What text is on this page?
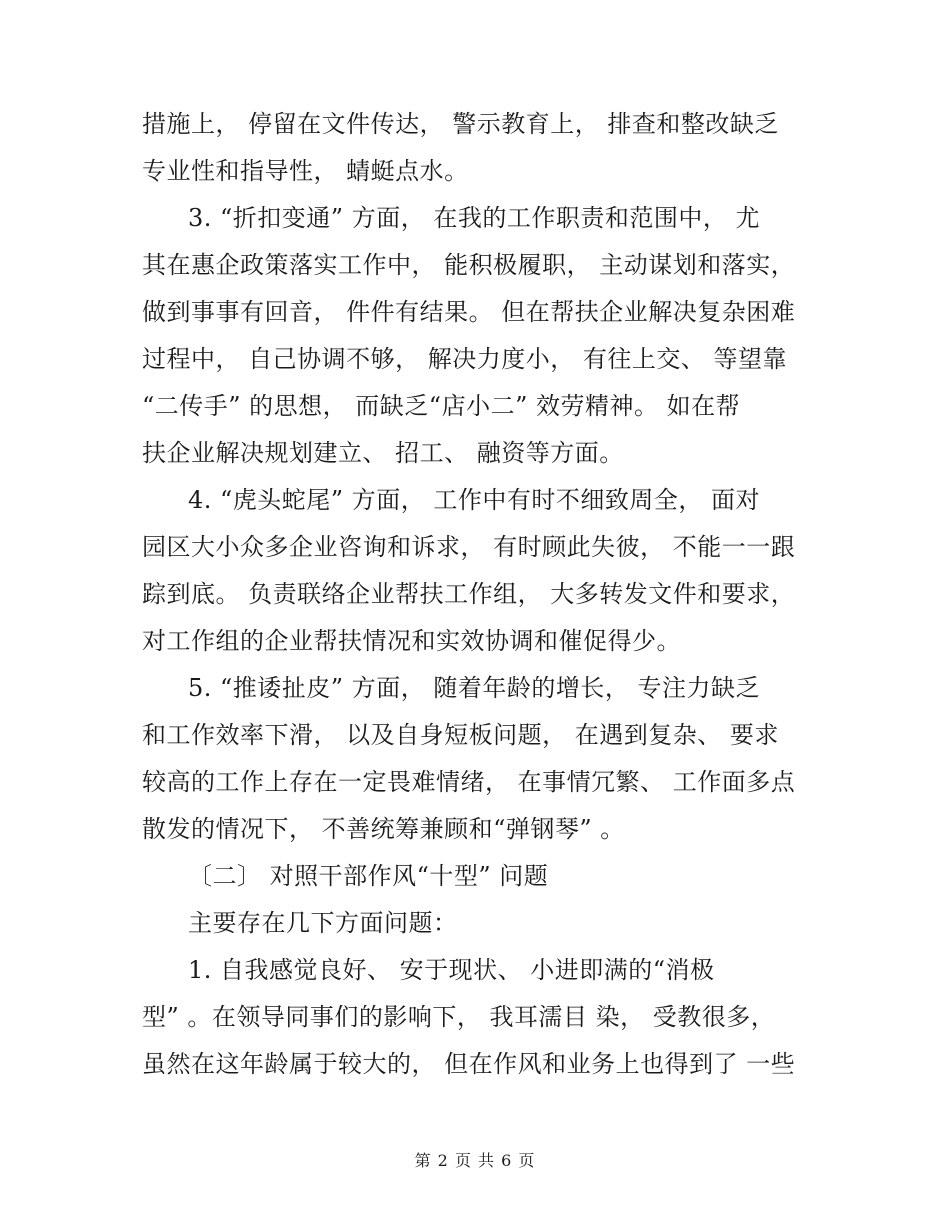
措施上， 停留在文件传达， 警示教育上， 排查和整改缺乏
专业性和指导性， 蜻蜓点水。
3. “折扣变通” 方面， 在我的工作职责和范围中， 尤
其在惠企政策落实工作中， 能积极履职， 主动谋划和落实，
做到事事有回音， 件件有结果。 但在帮扶企业解决复杂困难
过程中， 自己协调不够， 解决力度小， 有往上交、 等望靠
“二传手” 的思想， 而缺乏“店小二” 效劳精神。 如在帮
扶企业解决规划建立、 招工、 融资等方面。
4. “虎头蛇尾” 方面， 工作中有时不细致周全， 面对
园区大小众多企业咨询和诉求， 有时顾此失彼， 不能一一跟
踪到底。 负责联络企业帮扶工作组， 大多转发文件和要求，
对工作组的企业帮扶情况和实效协调和催促得少。
5. “推诿扯皮” 方面， 随着年龄的增长， 专注力缺乏
和工作效率下滑， 以及自身短板问题， 在遇到复杂、 要求
较高的工作上存在一定畏难情绪， 在事情冗繁、 工作面多点
散发的情况下， 不善统筹兼顾和“弹钢琴” 。
〔二〕 对照干部作风“十型” 问题
主要存在几下方面问题：
1. 自我感觉良好、 安于现状、 小进即满的“消极
型” 。在领导同事们的影响下， 我耳濡目 染， 受教很多，
虽然在这年龄属于较大的， 但在作风和业务上也得到了 一些
第 2 页 共 6 页
